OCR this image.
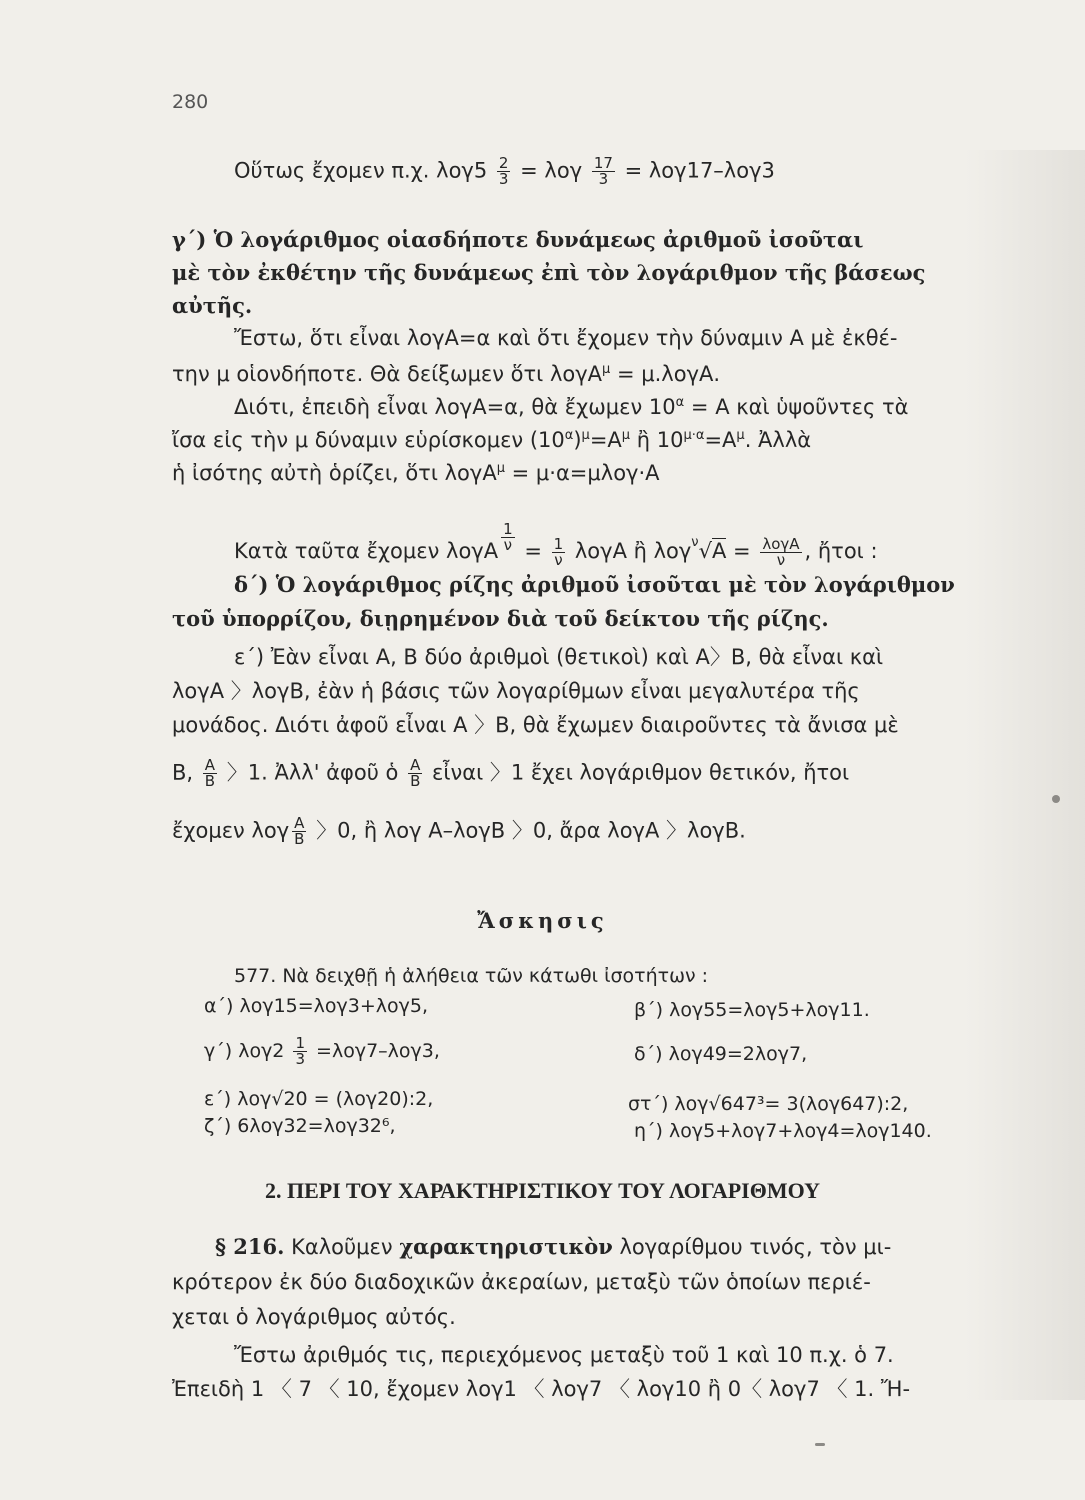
280
Οὕτως ἔχομεν π.χ. $\lambda o\gamma 5 \frac{2}{3} = \lambda o\gamma \frac{17}{3} = \lambda o\gamma 17-\lambda o\gamma 3$
γ΄) Ὁ λογάριθμος οἱασδήποτε δυνάμεως ἀριθμοῦ ἰσοῦται
μὲ τὸν ἐκθέτην τῆς δυνάμεως ἐπὶ τὸν λογάριθμον τῆς βάσεως
αὐτῆς.
Ἔστω, ὅτι εἶναι λογΑ=α καὶ ὅτι ἔχομεν τὴν δύναμιν Α μὲ ἐκθέ-
την μ οἱονδήποτε. Θὰ δείξωμεν ὅτι λογΑ$^\mu$ = μ.λογΑ.
Διότι, ἐπειδὴ εἶναι λογΑ=α, θὰ ἔχωμεν $10^\alpha = A$ καὶ ὑψοῦντες τὰ
ἴσα εἰς τὴν μ δύναμιν εὑρίσκομεν $(10^\alpha)^\mu=A^\mu$ ἢ $10^{\mu\cdot\alpha}=A^\mu$. Ἀλλὰ
ἡ ἰσότης αὐτὴ ὁρίζει, ὅτι λογΑ$^\mu$ = μ·α=μλογ·Α
Κατὰ ταῦτα ἔχομεν λογΑ $\frac{1}{\nu} = \frac{1}{\nu}$ λογΑ ἢ $\lambda o\gamma^\nu√A = \frac{\text{λογΑ}}{\nu}$ , ἤτοι :
δ΄) Ὁ λογάριθμος ρίζης ἀριθμοῦ ἰσοῦται μὲ τὸν λογάριθμον
τοῦ ὑπορρίζου, διῃρημένον διὰ τοῦ δείκτου τῆς ρίζης.
ε΄) Ἐὰν εἶναι Α, Β δύο ἀριθμοὶ (θετικοὶ) καὶ Α〉Β, θὰ εἶναι καὶ
λογΑ 〉λογΒ, ἐὰν ἡ βάσις τῶν λογαρίθμων εἶναι μεγαλυτέρα τῆς
μονάδος. Διότι ἀφοῦ εἶναι Α 〉Β, θὰ ἔχωμεν διαιροῦντες τὰ ἄνισα μὲ
Β, $\frac{A}{B}$ 〉1. Ἀλλ' ἀφοῦ ὁ $\frac{A}{B}$ εἶναι 〉1 ἔχει λογάριθμον θετικόν, ἤτοι
ἔχομεν λογ $\frac{A}{B}$ 〉0, ἢ λογ Α–λογΒ 〉0, ἄρα λογΑ 〉λογΒ.
Ἄσκησις
577. Νὰ δειχθῇ ἡ ἀλήθεια τῶν κάτωθι ἰσοτήτων :
α΄) λογ15=λογ3+λογ5,	β΄) λογ55=λογ5+λογ11.
γ΄) $\lambda o\gamma 2 \frac{1}{3} =\lambda o\gamma 7-\lambda o\gamma 3$,	δ΄) λογ49=2λογ7,
ε΄) λογ√20 = (λογ20):2,	στ΄) λογ√647³= 3(λογ647):2,
ζ΄) 6λογ32=λογ32⁶,	η΄) λογ5+λογ7+λογ4=λογ140.
2. ΠΕΡΙ ΤΟΥ ΧΑΡΑΚΤΗΡΙΣΤΙΚΟΥ ΤΟΥ ΛΟΓΑΡΙΘΜΟΥ
§ 216. Καλοῦμεν χαρακτηριστικὸν λογαρίθμου τινός, τὸν μι-
κρότερον ἐκ δύο διαδοχικῶν ἀκεραίων, μεταξὺ τῶν ὁποίων περιέ-
χεται ὁ λογάριθμος αὐτός.
Ἔστω ἀριθμός τις, περιεχόμενος μεταξὺ τοῦ 1 καὶ 10 π.χ. ὁ 7.
Ἐπειδὴ 1 〈 7 〈 10, ἔχομεν λογ1 〈 λογ7 〈 λογ10 ἢ 0〈 λογ7 〈 1. Ἤ-
